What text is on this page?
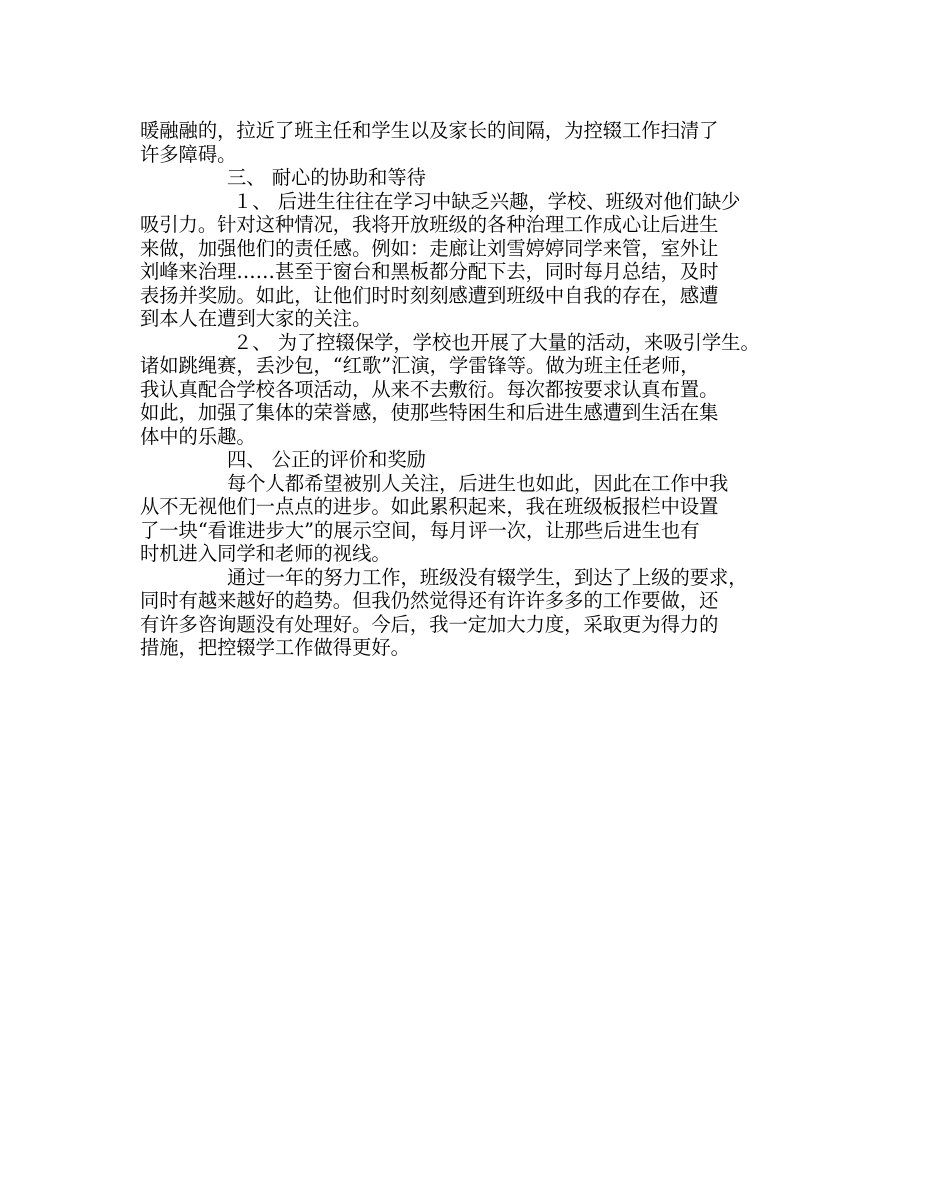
暖融融的，拉近了班主任和学生以及家长的间隔，为控辍工作扫清了
许多障碍。
三、 耐心的协助和等待
１、 后进生往往在学习中缺乏兴趣，学校、班级对他们缺少
吸引力。针对这种情况，我将开放班级的各种治理工作成心让后进生
来做，加强他们的责任感。例如：走廊让刘雪婷婷同学来管，室外让
刘峰来治理……甚至于窗台和黑板都分配下去，同时每月总结，及时
表扬并奖励。如此，让他们时时刻刻感遭到班级中自我的存在，感遭
到本人在遭到大家的关注。
２、 为了控辍保学，学校也开展了大量的活动，来吸引学生。
诸如跳绳赛，丢沙包，“红歌”汇演，学雷锋等。做为班主任老师，
我认真配合学校各项活动，从来不去敷衍。每次都按要求认真布置。
如此，加强了集体的荣誉感，使那些特困生和后进生感遭到生活在集
体中的乐趣。
四、 公正的评价和奖励
每个人都希望被别人关注，后进生也如此，因此在工作中我
从不无视他们一点点的进步。如此累积起来，我在班级板报栏中设置
了一块“看谁进步大”的展示空间，每月评一次，让那些后进生也有
时机进入同学和老师的视线。
通过一年的努力工作，班级没有辍学生，到达了上级的要求，
同时有越来越好的趋势。但我仍然觉得还有许许多多的工作要做，还
有许多咨询题没有处理好。今后，我一定加大力度，采取更为得力的
措施，把控辍学工作做得更好。
